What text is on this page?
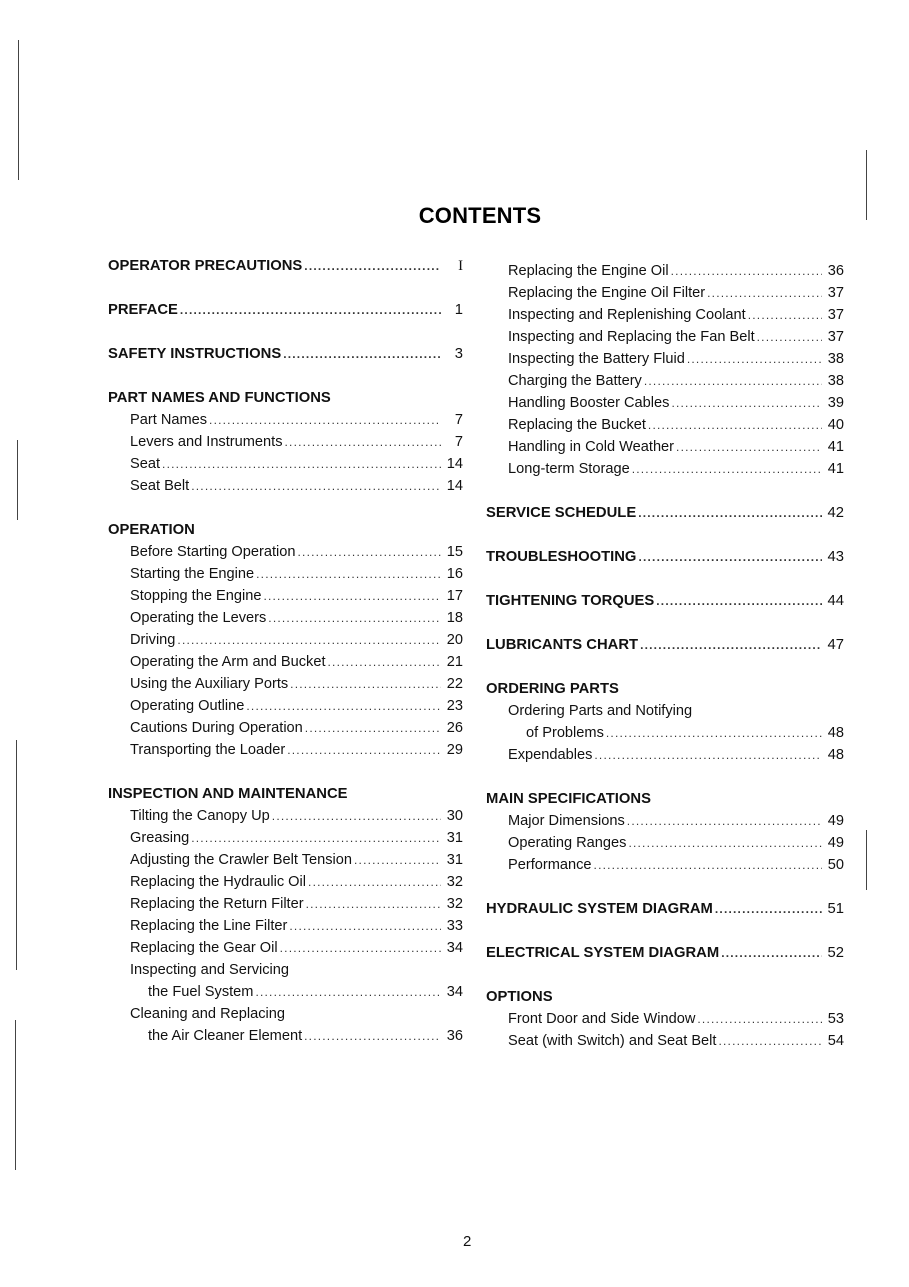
CONTENTS
OPERATOR PRECAUTIONS .....	I
PREFACE .....	1
SAFETY INSTRUCTIONS .....	3
PART NAMES AND FUNCTIONS
Part Names .....	7
Levers and Instruments .....	7
Seat .....	14
Seat Belt .....	14
OPERATION
Before Starting Operation .....	15
Starting the Engine .....	16
Stopping the Engine .....	17
Operating the Levers .....	18
Driving .....	20
Operating the Arm and Bucket .....	21
Using the Auxiliary Ports .....	22
Operating Outline .....	23
Cautions During Operation .....	26
Transporting the Loader .....	29
INSPECTION AND MAINTENANCE
Tilting the Canopy Up .....	30
Greasing .....	31
Adjusting the Crawler Belt Tension .....	31
Replacing the Hydraulic Oil .....	32
Replacing the Return Filter .....	32
Replacing the Line Filter .....	33
Replacing the Gear Oil .....	34
Inspecting and Servicing
the Fuel System .....	34
Cleaning and Replacing
the Air Cleaner Element .....	36
Replacing the Engine Oil .....	36
Replacing the Engine Oil Filter .....	37
Inspecting and Replenishing Coolant .....	37
Inspecting and Replacing the Fan Belt .....	37
Inspecting the Battery Fluid .....	38
Charging the Battery .....	38
Handling Booster Cables .....	39
Replacing the Bucket .....	40
Handling in Cold Weather .....	41
Long-term Storage .....	41
SERVICE SCHEDULE .....	42
TROUBLESHOOTING .....	43
TIGHTENING TORQUES .....	44
LUBRICANTS CHART .....	47
ORDERING PARTS
Ordering Parts and Notifying
of Problems .....	48
Expendables .....	48
MAIN SPECIFICATIONS
Major Dimensions .....	49
Operating Ranges .....	49
Performance .....	50
HYDRAULIC SYSTEM DIAGRAM .....	51
ELECTRICAL SYSTEM DIAGRAM .....	52
OPTIONS
Front Door and Side Window .....	53
Seat (with Switch) and Seat Belt .....	54
2
